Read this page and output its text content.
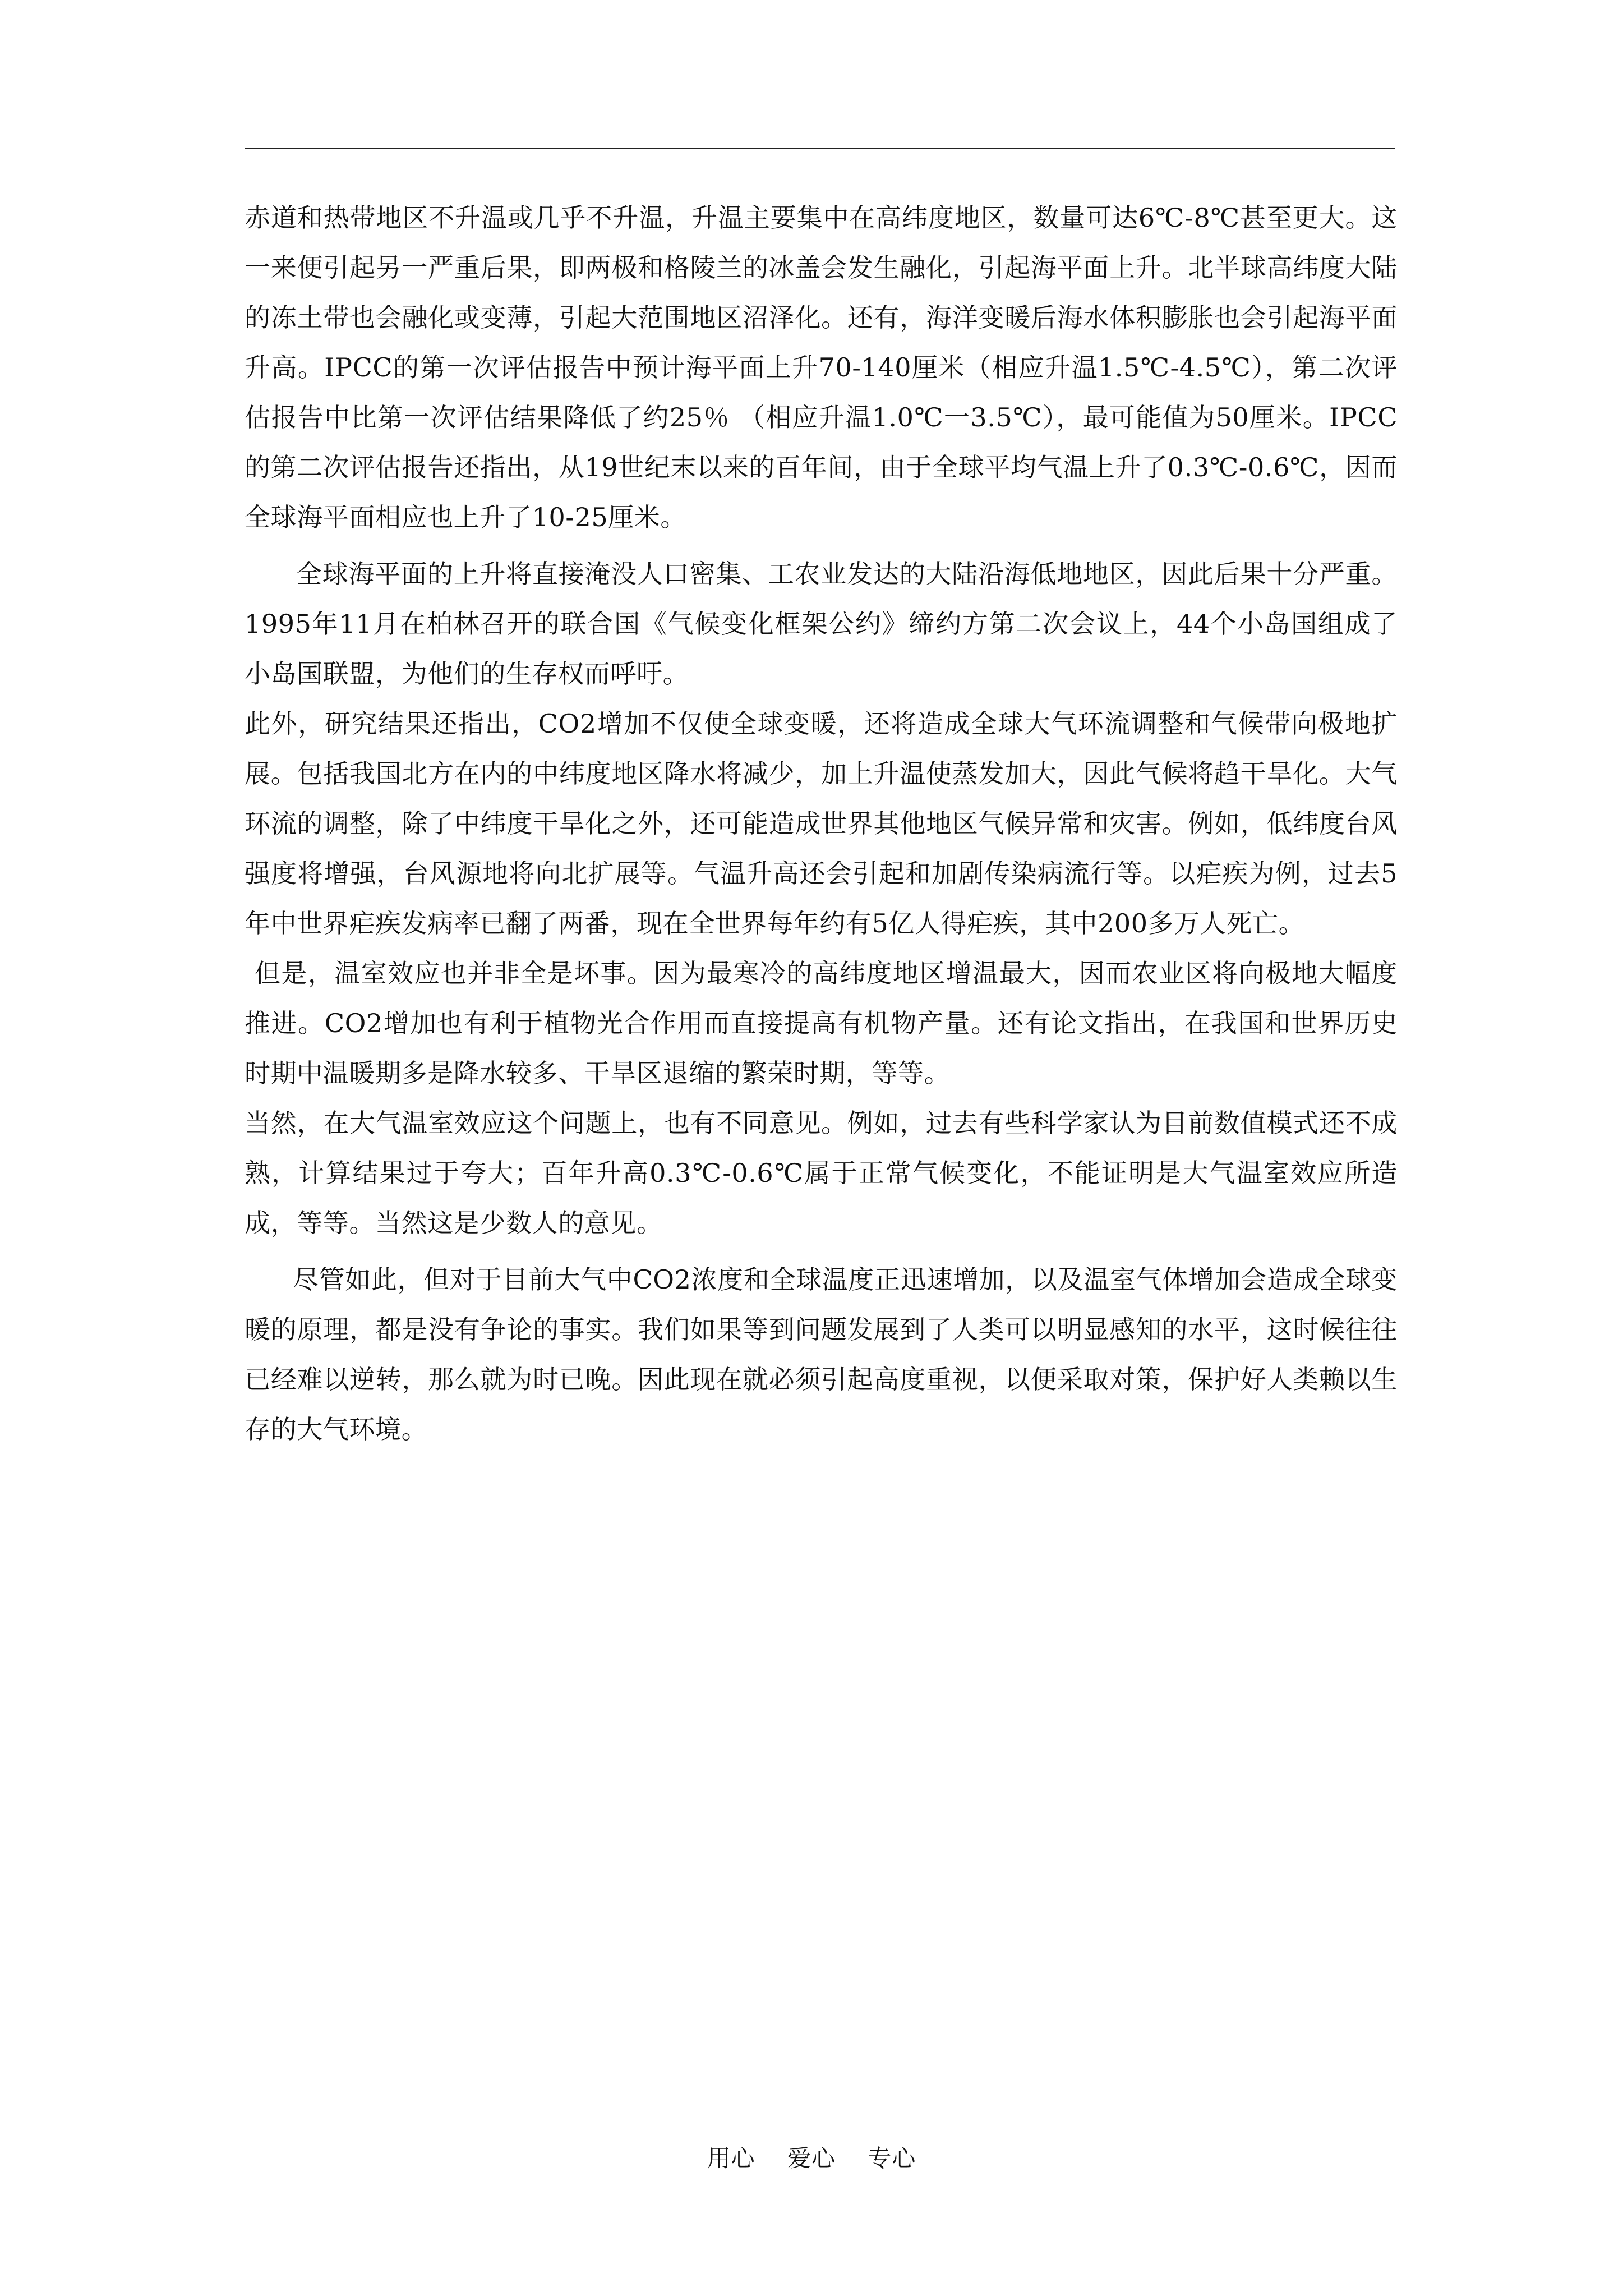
赤道和热带地区不升温或几乎不升温，升温主要集中在高纬度地区，数量可达6℃-8℃甚至更大。这一来便引起另一严重后果，即两极和格陵兰的冰盖会发生融化，引起海平面上升。北半球高纬度大陆的冻土带也会融化或变薄，引起大范围地区沼泽化。还有，海洋变暖后海水体积膨胀也会引起海平面升高。IPCC的第一次评估报告中预计海平面上升70-140厘米（相应升温1.5℃-4.5℃），第二次评估报告中比第一次评估结果降低了约25％ （相应升温1.0℃一3.5℃），最可能值为50厘米。IPCC的第二次评估报告还指出，从19世纪末以来的百年间，由于全球平均气温上升了0.3℃-0.6℃，因而全球海平面相应也上升了10-25厘米。

全球海平面的上升将直接淹没人口密集、工农业发达的大陆沿海低地地区，因此后果十分严重。1995年11月在柏林召开的联合国《气候变化框架公约》缔约方第二次会议上，44个小岛国组成了小岛国联盟，为他们的生存权而呼吁。

此外，研究结果还指出，CO2增加不仅使全球变暖，还将造成全球大气环流调整和气候带向极地扩展。包括我国北方在内的中纬度地区降水将减少，加上升温使蒸发加大，因此气候将趋干旱化。大气环流的调整，除了中纬度干旱化之外，还可能造成世界其他地区气候异常和灾害。例如，低纬度台风强度将增强，台风源地将向北扩展等。气温升高还会引起和加剧传染病流行等。以疟疾为例，过去5年中世界疟疾发病率已翻了两番，现在全世界每年约有5亿人得疟疾，其中200多万人死亡。

但是，温室效应也并非全是坏事。因为最寒冷的高纬度地区增温最大，因而农业区将向极地大幅度推进。CO2增加也有利于植物光合作用而直接提高有机物产量。还有论文指出，在我国和世界历史时期中温暖期多是降水较多、干旱区退缩的繁荣时期，等等。

当然，在大气温室效应这个问题上，也有不同意见。例如，过去有些科学家认为目前数值模式还不成熟，计算结果过于夸大；百年升高0.3℃-0.6℃属于正常气候变化，不能证明是大气温室效应所造成，等等。当然这是少数人的意见。

尽管如此，但对于目前大气中CO2浓度和全球温度正迅速增加，以及温室气体增加会造成全球变暖的原理，都是没有争论的事实。我们如果等到问题发展到了人类可以明显感知的水平，这时候往往已经难以逆转，那么就为时已晚。因此现在就必须引起高度重视，以便采取对策，保护好人类赖以生存的大气环境。

用心    爱心    专心
